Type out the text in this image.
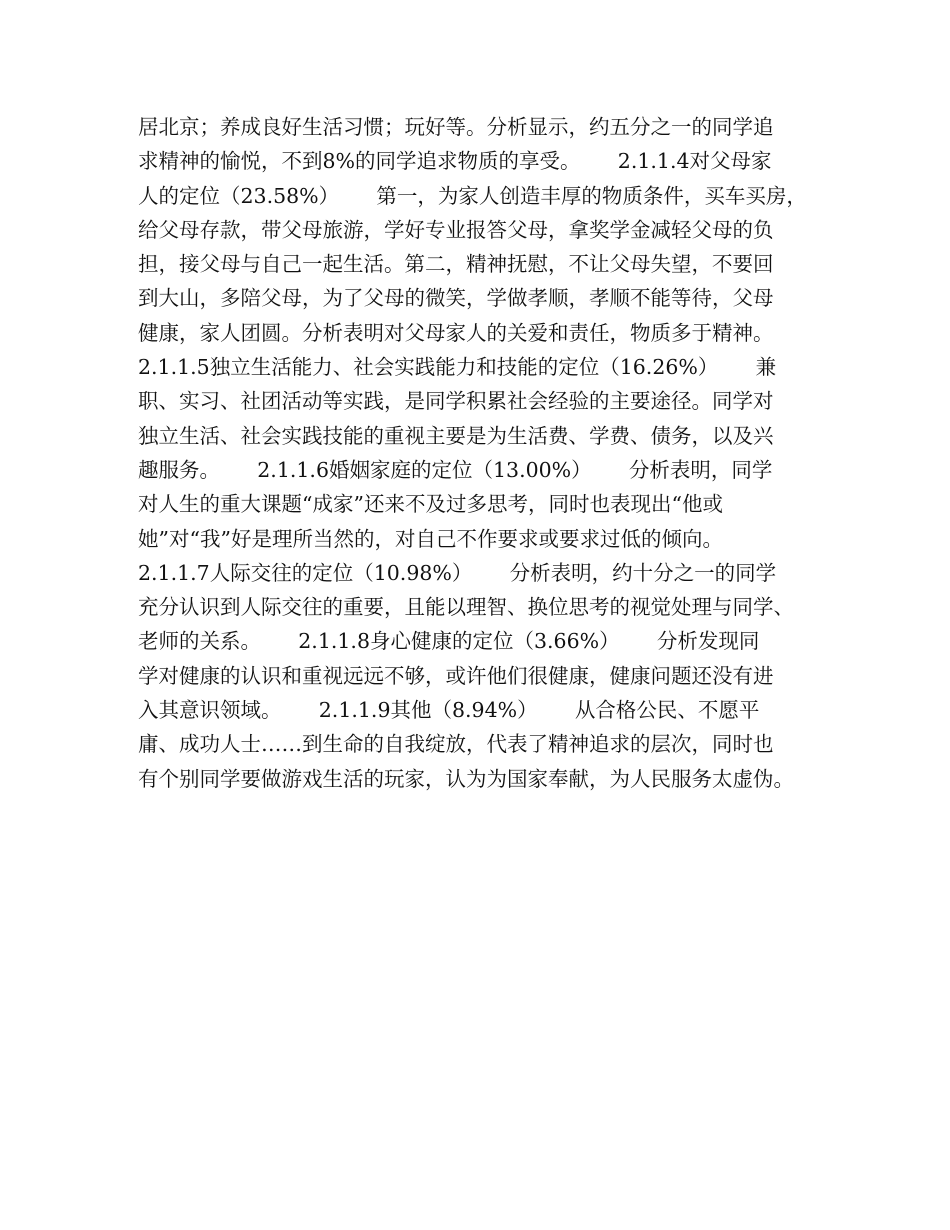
居北京；养成良好生活习惯；玩好等。分析显示，约五分之一的同学追
求精神的愉悦，不到8%的同学追求物质的享受。　　 2.1.1.4对父母家
人的定位（23.58%）　　 第一，为家人创造丰厚的物质条件，买车买房，
给父母存款，带父母旅游，学好专业报答父母，拿奖学金减轻父母的负
担，接父母与自己一起生活。第二，精神抚慰，不让父母失望，不要回
到大山，多陪父母，为了父母的微笑，学做孝顺，孝顺不能等待，父母
健康，家人团圆。分析表明对父母家人的关爱和责任，物质多于精神。
2.1.1.5独立生活能力、社会实践能力和技能的定位（16.26%）　　 兼
职、实习、社团活动等实践，是同学积累社会经验的主要途径。同学对
独立生活、社会实践技能的重视主要是为生活费、学费、债务，以及兴
趣服务。　　 2.1.1.6婚姻家庭的定位（13.00%）　　 分析表明，同学
对人生的重大课题“成家”还来不及过多思考，同时也表现出“他或
她”对“我”好是理所当然的，对自己不作要求或要求过低的倾向。
2.1.1.7人际交往的定位（10.98%）　　 分析表明，约十分之一的同学
充分认识到人际交往的重要，且能以理智、换位思考的视觉处理与同学、
老师的关系。　　 2.1.1.8身心健康的定位（3.66%）　　 分析发现同
学对健康的认识和重视远远不够，或许他们很健康，健康问题还没有进
入其意识领域。　　 2.1.1.9其他（8.94%）　　 从合格公民、不愿平
庸、成功人士……到生命的自我绽放，代表了精神追求的层次，同时也
有个别同学要做游戏生活的玩家，认为为国家奉献，为人民服务太虚伪。
